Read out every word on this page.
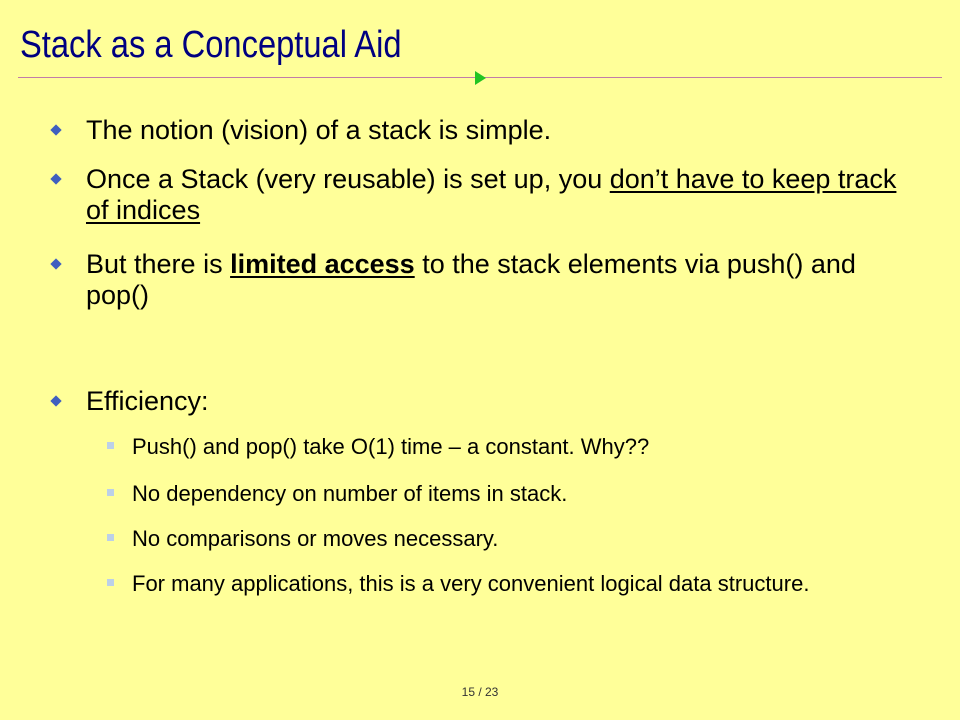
Stack as a Conceptual Aid
The notion (vision) of a stack is simple.
Once a Stack (very reusable) is set up, you don’t have to keep track of indices
But there is limited access to the stack elements via push() and pop()
Efficiency:
Push() and pop() take O(1) time – a constant. Why??
No dependency on number of items in stack.
No comparisons or moves necessary.
For many applications, this is a very convenient logical data structure.
15 / 23
